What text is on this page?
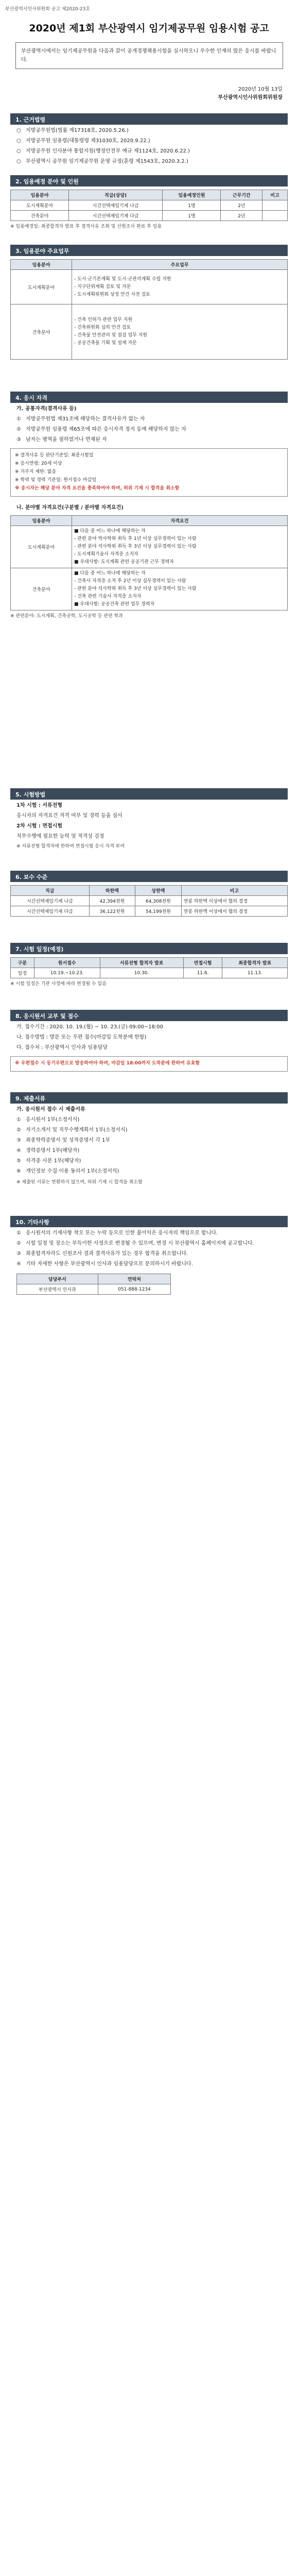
부산광역시인사위원회 공고 제2020-23호
2020년 제1회 부산광역시 임기제공무원 임용시험 공고
부산광역시에서는 임기제공무원을 다음과 같이 공개경쟁채용시험을 실시하오니 우수한 인재의 많은 응시를 바랍니다.
2020년 10월 13일
부산광역시인사위원회위원장
1. 근거법령
○ 지방공무원법(법률 제17318호, 2020.5.26.)
○ 지방공무원 임용령(대통령령 제31030호, 2020.9.22.)
○ 지방공무원 인사분야 통합지침(행정안전부 예규 제1124호, 2020.6.22.)
○ 부산광역시 공무원 임기제공무원 운영 규정(훈령 제1543호, 2020.3.2.)
2. 임용예정 분야 및 인원
임용분야	직급(상당)	임용예정인원	근무기간	비고
도시계획분야	시간선택제임기제 나급	1명	2년	
건축분야	시간선택제임기제 다급	1명	2년	
※ 임용예정일: 최종합격자 발표 후 결격사유 조회 및 신원조사 완료 후 임용
3. 임용분야 주요업무
임용분야	주요업무
도시계획분야	- 도시·군기본계획 및 도시·군관리계획 수립 지원
- 지구단위계획 검토 및 자문
- 도시계획위원회 상정 안건 사전 검토
건축분야	- 건축 인허가 관련 업무 지원
- 건축위원회 심의 안건 검토
- 건축물 안전관리 및 점검 업무 지원
- 공공건축물 기획 및 설계 자문
4. 응시 자격
가. 공통자격(결격사유 등)
① 지방공무원법 제31조에 해당하는 결격사유가 없는 자
② 지방공무원 임용령 제65조에 따른 응시자격 정지 등에 해당하지 않는 자
③ 남자는 병역을 필하였거나 면제된 자
※ 결격사유 등 판단기준일: 최종시험일
※ 응시연령: 20세 이상
※ 거주지 제한: 없음
※ 학력 및 경력 기준일: 원서접수 마감일
※ 응시자는 해당 분야 자격 요건을 충족하여야 하며, 허위 기재 시 합격을 취소함
나. 분야별 자격요건(구분별 / 분야별 자격요건)
임용분야	자격요건
도시계획분야	■ 다음 중 어느 하나에 해당하는 자
- 관련 분야 박사학위 취득 후 1년 이상 실무경력이 있는 사람
- 관련 분야 석사학위 취득 후 3년 이상 실무경력이 있는 사람
- 도시계획기술사 자격증 소지자
■ 우대사항: 도시계획 관련 공공기관 근무 경력자
건축분야	■ 다음 중 어느 하나에 해당하는 자
- 건축사 자격증 소지 후 2년 이상 실무경력이 있는 사람
- 관련 분야 석사학위 취득 후 3년 이상 실무경력이 있는 사람
- 건축 관련 기술사 자격증 소지자
■ 우대사항: 공공건축 관련 업무 경력자
※ 관련분야: 도시계획, 건축공학, 도시공학 등 관련 학과
5. 시험방법
1차 시험 : 서류전형
응시자의 자격요건 적격 여부 및 경력 등을 심사
2차 시험 : 면접시험
직무수행에 필요한 능력 및 적격성 검정
※ 서류전형 합격자에 한하여 면접시험 응시 자격 부여
6. 보수 수준
직급	하한액	상한액	비고
시간선택제임기제 나급	42,394천원	64,308천원	연봉 하한액 이상에서 협의 결정
시간선택제임기제 다급	36,122천원	54,199천원	연봉 하한액 이상에서 협의 결정
7. 시험 일정(예정)
구분	원서접수	서류전형 합격자 발표	면접시험	최종합격자 발표
일정	10.19.~10.23.	10.30.	11.6.	11.13.
※ 시험 일정은 기관 사정에 따라 변경될 수 있음
8. 응시원서 교부 및 접수
가. 접수기간 : 2020. 10. 19.(월) ~ 10. 23.(금) 09:00~18:00
나. 접수방법 : 방문 또는 우편 접수(마감일 도착분에 한함)
다. 접수처 : 부산광역시 인사과 임용담당
※ 우편접수 시 등기우편으로 발송하여야 하며, 마감일 18:00까지 도착분에 한하여 유효함
9. 제출서류
가. 응시원서 접수 시 제출서류
① 응시원서 1부(소정서식)
② 자기소개서 및 직무수행계획서 1부(소정서식)
③ 최종학력증명서 및 성적증명서 각 1부
④ 경력증명서 1부(해당자)
⑤ 자격증 사본 1부(해당자)
⑥ 개인정보 수집·이용 동의서 1부(소정서식)
※ 제출된 서류는 반환하지 않으며, 허위 기재 시 합격을 취소함
10. 기타사항
① 응시원서의 기재사항 착오 또는 누락 등으로 인한 불이익은 응시자의 책임으로 합니다.
② 시험 일정 및 장소는 부득이한 사정으로 변경될 수 있으며, 변경 시 부산광역시 홈페이지에 공고합니다.
③ 최종합격자라도 신원조사 결과 결격사유가 있는 경우 합격을 취소합니다.
④ 기타 자세한 사항은 부산광역시 인사과 임용담당으로 문의하시기 바랍니다.
담당부서	연락처
부산광역시 인사과	051-888-1234
